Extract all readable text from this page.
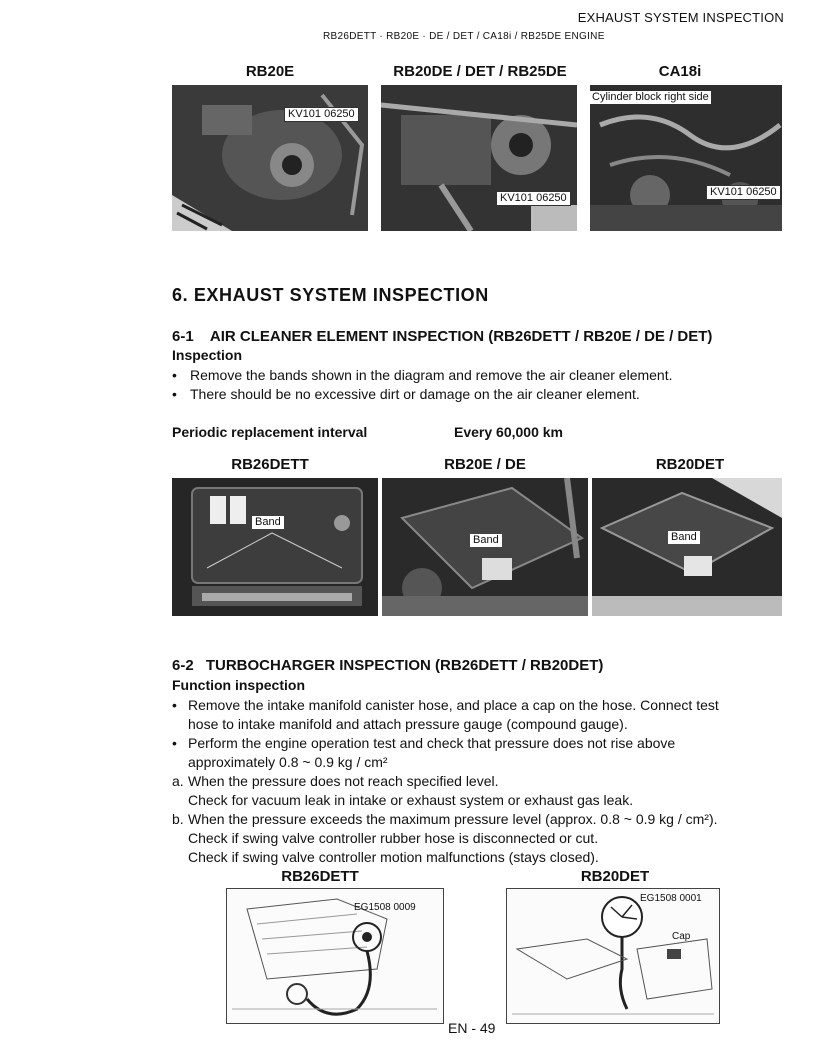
EXHAUST SYSTEM INSPECTION
RB26DETT · RB20E · DE / DET / CA18i / RB25DE ENGINE
RB20E	RB20DE / DET / RB25DE	CA18i
KV101 06250
KV101 06250
Cylinder block right side
KV101 06250
6. EXHAUST SYSTEM INSPECTION
6-1 AIR CLEANER ELEMENT INSPECTION (RB26DETT / RB20E / DE / DET)
Inspection
• Remove the bands shown in the diagram and remove the air cleaner element.
• There should be no excessive dirt or damage on the air cleaner element.
Periodic replacement interval	Every 60,000 km
RB26DETT	RB20E / DE	RB20DET
Band
Band	Band
6-2 TURBOCHARGER INSPECTION (RB26DETT / RB20DET)
Function inspection
• Remove the intake manifold canister hose, and place a cap on the hose. Connect test
hose to intake manifold and attach pressure gauge (compound gauge).
• Perform the engine operation test and check that pressure does not rise above
approximately 0.8 ~ 0.9 kg / cm²
a. When the pressure does not reach specified level.
Check for vacuum leak in intake or exhaust system or exhaust gas leak.
b. When the pressure exceeds the maximum pressure level (approx. 0.8 ~ 0.9 kg / cm²).
Check if swing valve controller rubber hose is disconnected or cut.
Check if swing valve controller motion malfunctions (stays closed).
RB26DETT	RB20DET
EG1508 0009
EG1508 0001
Cap
EN - 49
